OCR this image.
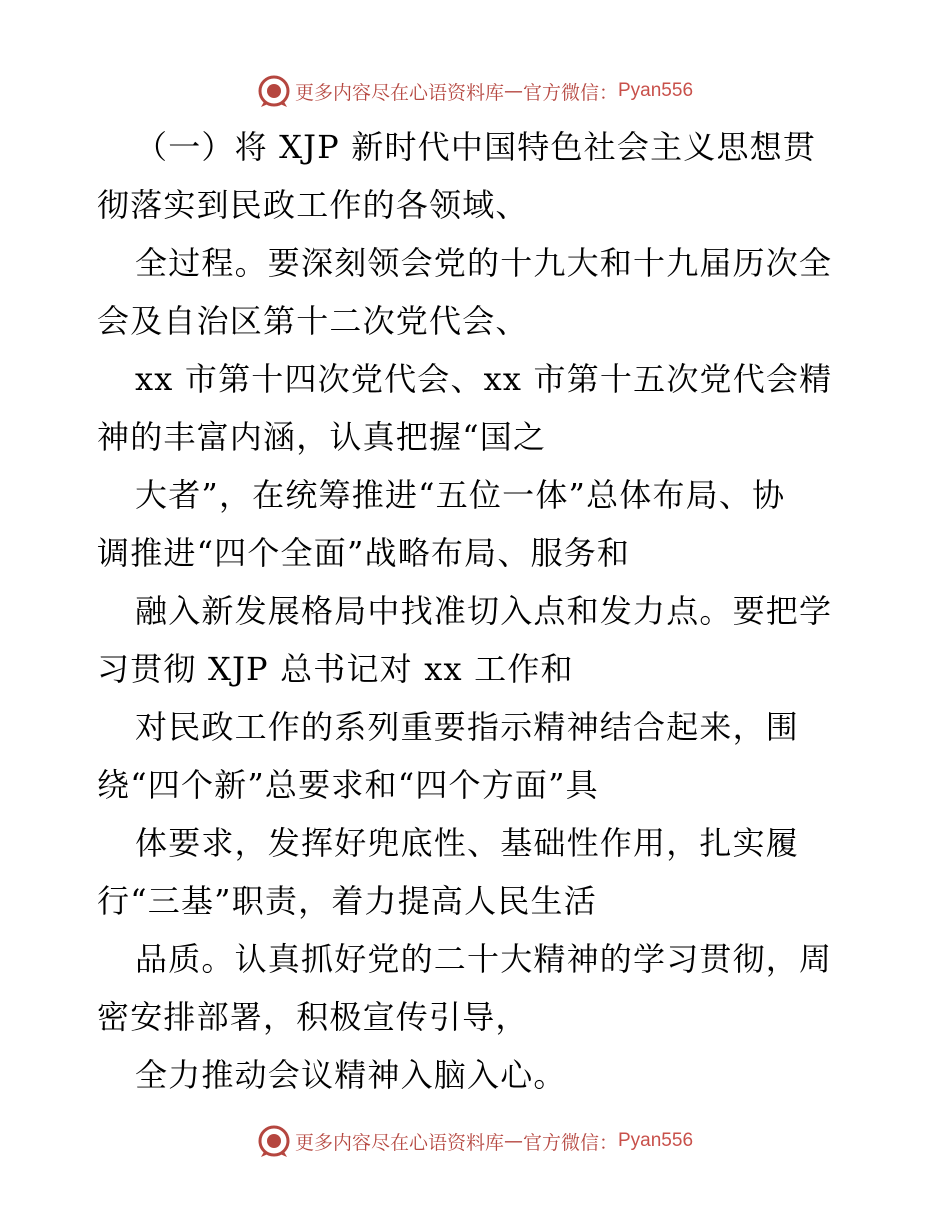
更多内容尽在心语资料库 — 官方微信： Pyan556
（一）将 XJP 新时代中国特色社会主义思想贯
彻落实到民政工作的各领域、
全过程。要深刻领会党的十九大和十九届历次全
会及自治区第十二次党代会、
xx 市第十四次党代会、xx 市第十五次党代会精
神的丰富内涵，认真把握“国之
大者”，在统筹推进“五位一体”总体布局、协
调推进“四个全面”战略布局、服务和
融入新发展格局中找准切入点和发力点。要把学
习贯彻 XJP 总书记对 xx 工作和
对民政工作的系列重要指示精神结合起来，围
绕“四个新”总要求和“四个方面”具
体要求，发挥好兜底性、基础性作用，扎实履
行“三基”职责，着力提高人民生活
品质。认真抓好党的二十大精神的学习贯彻，周
密安排部署，积极宣传引导，
全力推动会议精神入脑入心。
更多内容尽在心语资料库 — 官方微信： Pyan556
